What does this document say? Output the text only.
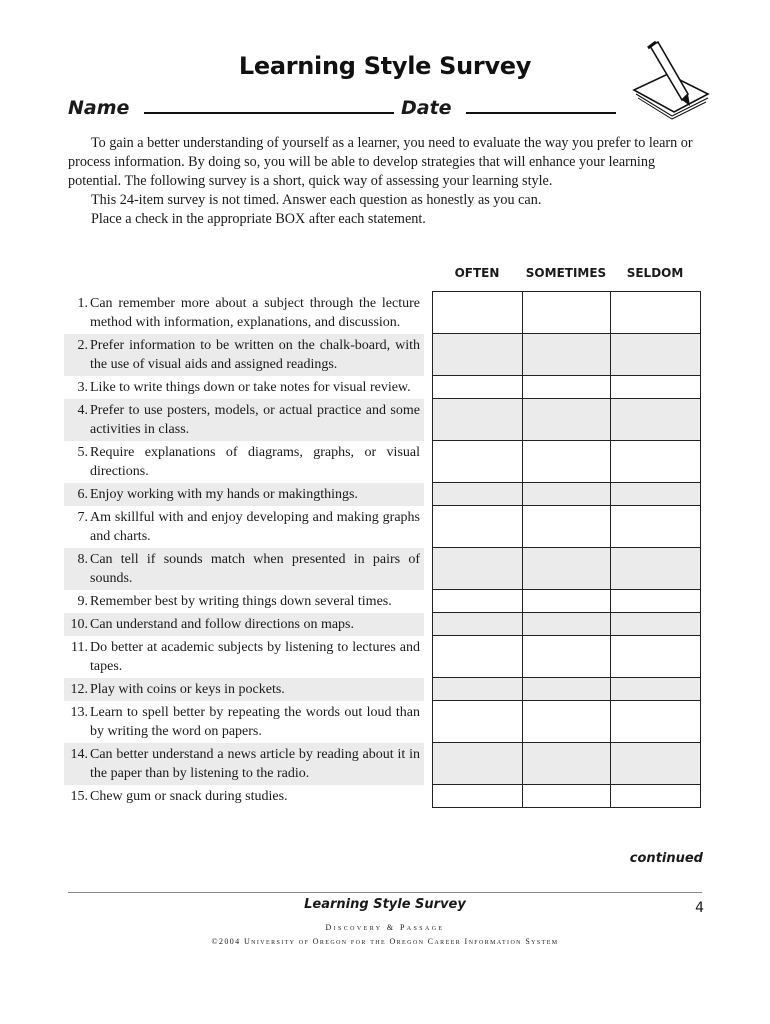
Learning Style Survey
Name	Date

To gain a better understanding of yourself as a learner, you need to evaluate the way you prefer to learn or process information. By doing so, you will be able to develop strategies that will enhance your learning potential. The following survey is a short, quick way of assessing your learning style.

This 24-item survey is not timed. Answer each question as honestly as you can.

Place a check in the appropriate BOX after each statement.

OFTEN	SOMETIMES	SELDOM
1. Can remember more about a subject through the lecture method with information, explanations, and discussion.
2. Prefer information to be written on the chalk-board, with the use of visual aids and assigned readings.
3. Like to write things down or take notes for visual review.
4. Prefer to use posters, models, or actual practice and some activities in class.
5. Require explanations of diagrams, graphs, or visual directions.
6. Enjoy working with my hands or makingthings.
7. Am skillful with and enjoy developing and making graphs and charts.
8. Can tell if sounds match when presented in pairs of sounds.
9. Remember best by writing things down several times.
10. Can understand and follow directions on maps.
11. Do better at academic subjects by listening to lectures and tapes.
12. Play with coins or keys in pockets.
13. Learn to spell better by repeating the words out loud than by writing the word on papers.
14. Can better understand a news article by reading about it in the paper than by listening to the radio.
15. Chew gum or snack during studies.

continued
Learning Style Survey	4
Discovery & Passage
©2004 University of Oregon for the Oregon Career Information System
